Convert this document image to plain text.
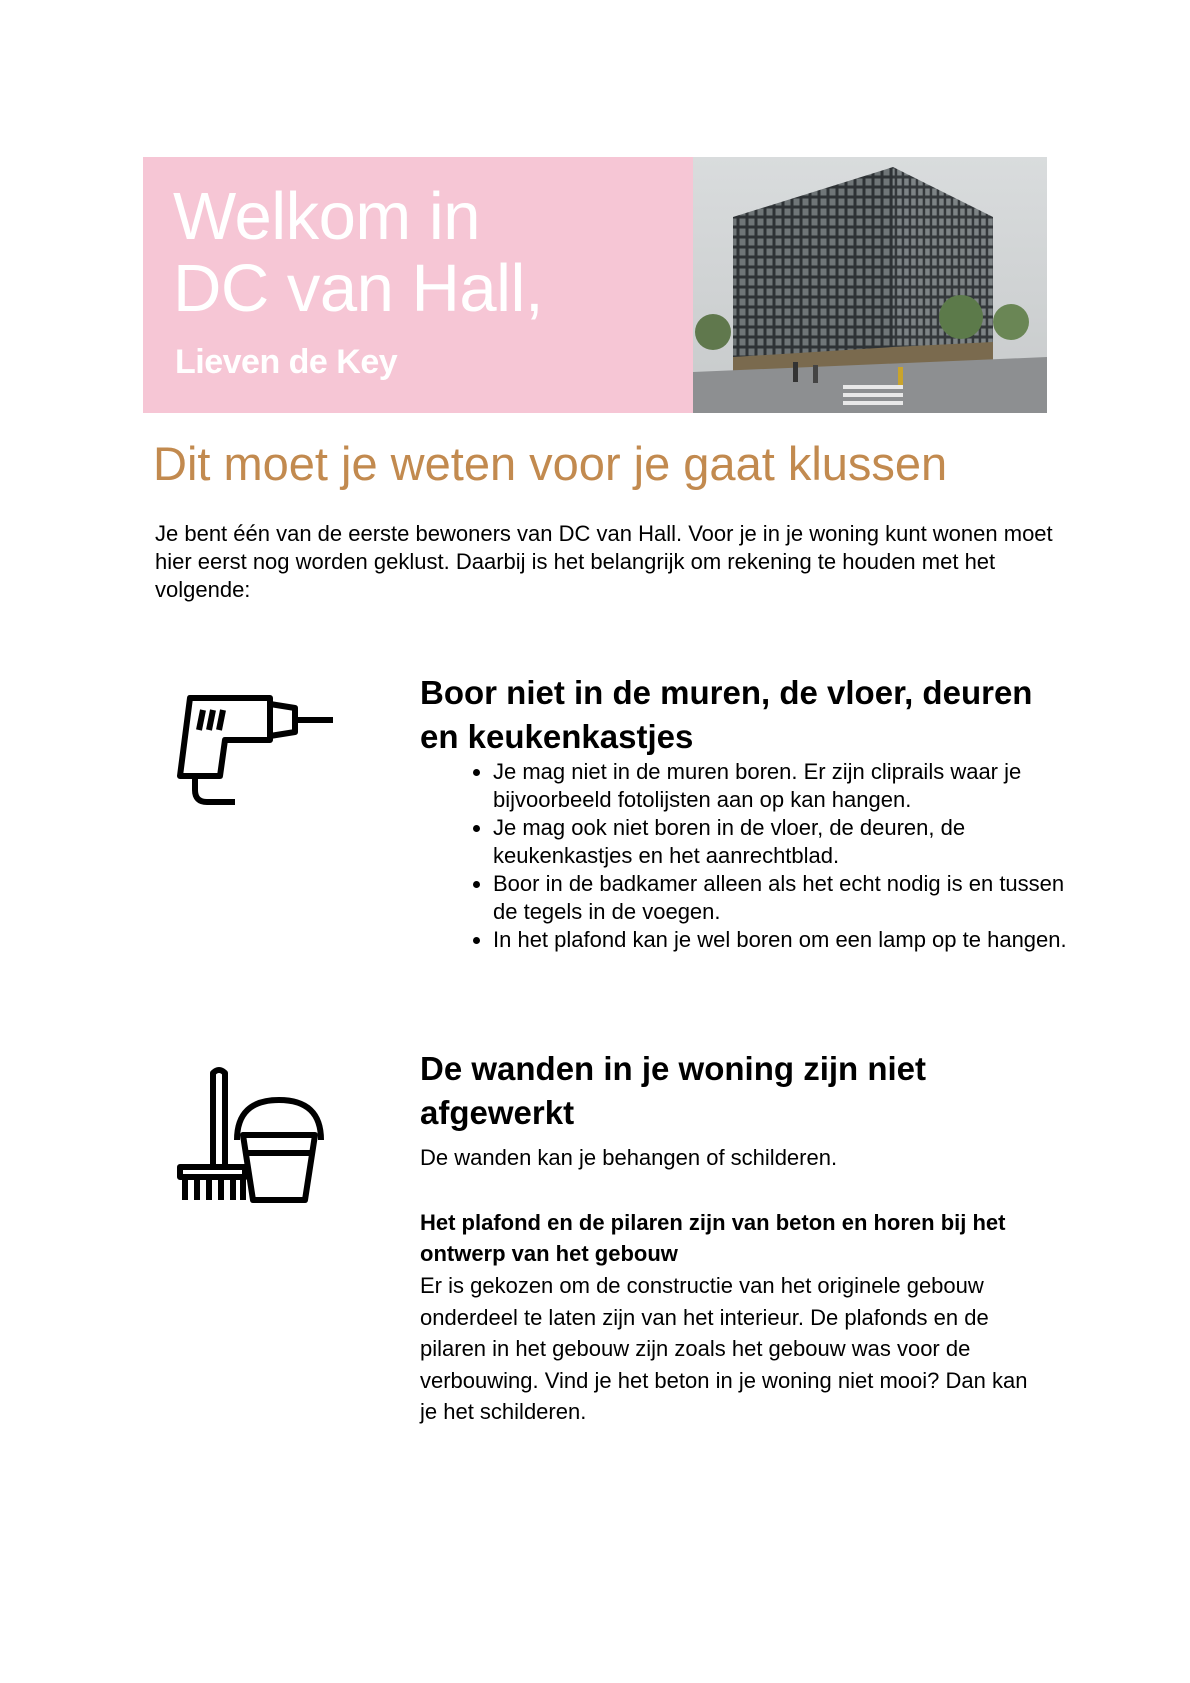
Welkom in
DC van Hall,
Lieven de Key
Dit moet je weten voor je gaat klussen

Je bent één van de eerste bewoners van DC van Hall. Voor je in je woning kunt wonen moet hier eerst nog worden geklust. Daarbij is het belangrijk om rekening te houden met het volgende:

Boor niet in de muren, de vloer, deuren en keukenkastjes
• Je mag niet in de muren boren. Er zijn cliprails waar je bijvoorbeeld fotolijsten aan op kan hangen.
• Je mag ook niet boren in de vloer, de deuren, de keukenkastjes en het aanrechtblad.
• Boor in de badkamer alleen als het echt nodig is en tussen de tegels in de voegen.
• In het plafond kan je wel boren om een lamp op te hangen.
De wanden in je woning zijn niet afgewerkt

De wanden kan je behangen of schilderen.

Het plafond en de pilaren zijn van beton en horen bij het ontwerp van het gebouw

Er is gekozen om de constructie van het originele gebouw onderdeel te laten zijn van het interieur. De plafonds en de pilaren in het gebouw zijn zoals het gebouw was voor de verbouwing. Vind je het beton in je woning niet mooi? Dan kan je het schilderen.
